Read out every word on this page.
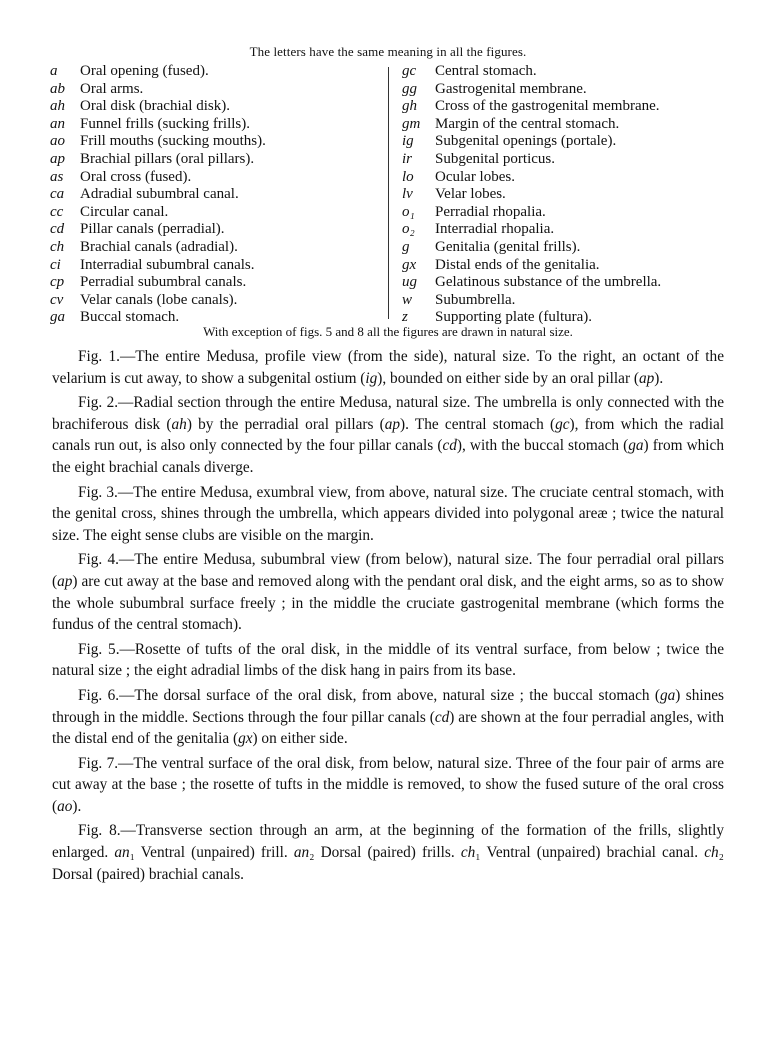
The letters have the same meaning in all the figures.
a Oral opening (fused).
ab Oral arms.
ah Oral disk (brachial disk).
an Funnel frills (sucking frills).
ao Frill mouths (sucking mouths).
ap Brachial pillars (oral pillars).
as Oral cross (fused).
ca Adradial subumbral canal.
cc Circular canal.
cd Pillar canals (perradial).
ch Brachial canals (adradial).
ci Interradial subumbral canals.
cp Perradial subumbral canals.
cv Velar canals (lobe canals).
ga Buccal stomach.
gc Central stomach.
gg Gastrogenital membrane.
gh Cross of the gastrogenital membrane.
gm Margin of the central stomach.
ig Subgenital openings (portale).
ir Subgenital porticus.
lo Ocular lobes.
lv Velar lobes.
o₁ Perradial rhopalia.
o₂ Interradial rhopalia.
g Genitalia (genital frills).
gx Distal ends of the genitalia.
ug Gelatinous substance of the umbrella.
w Subumbrella.
z Supporting plate (fultura).
With exception of figs. 5 and 8 all the figures are drawn in natural size.

Fig. 1.—The entire Medusa, profile view (from the side), natural size. To the right, an octant of the velarium is cut away, to show a subgenital ostium (ig), bounded on either side by an oral pillar (ap).

Fig. 2.—Radial section through the entire Medusa, natural size. The umbrella is only connected with the brachiferous disk (ah) by the perradial oral pillars (ap). The central stomach (gc), from which the radial canals run out, is also only connected by the four pillar canals (cd), with the buccal stomach (ga) from which the eight brachial canals diverge.

Fig. 3.—The entire Medusa, exumbral view, from above, natural size. The cruciate central stomach, with the genital cross, shines through the umbrella, which appears divided into polygonal areæ ; twice the natural size. The eight sense clubs are visible on the margin.

Fig. 4.—The entire Medusa, subumbral view (from below), natural size. The four perradial oral pillars (ap) are cut away at the base and removed along with the pendant oral disk, and the eight arms, so as to show the whole subumbral surface freely ; in the middle the cruciate gastrogenital membrane (which forms the fundus of the central stomach).

Fig. 5.—Rosette of tufts of the oral disk, in the middle of its ventral surface, from below ; twice the natural size ; the eight adradial limbs of the disk hang in pairs from its base.

Fig. 6.—The dorsal surface of the oral disk, from above, natural size ; the buccal stomach (ga) shines through in the middle. Sections through the four pillar canals (cd) are shown at the four perradial angles, with the distal end of the genitalia (gx) on either side.

Fig. 7.—The ventral surface of the oral disk, from below, natural size. Three of the four pair of arms are cut away at the base ; the rosette of tufts in the middle is removed, to show the fused suture of the oral cross (ao).

Fig. 8.—Transverse section through an arm, at the beginning of the formation of the frills, slightly enlarged. an₁ Ventral (unpaired) frill. an₂ Dorsal (paired) frills. ch₁ Ventral (unpaired) brachial canal. ch₂ Dorsal (paired) brachial canals.
